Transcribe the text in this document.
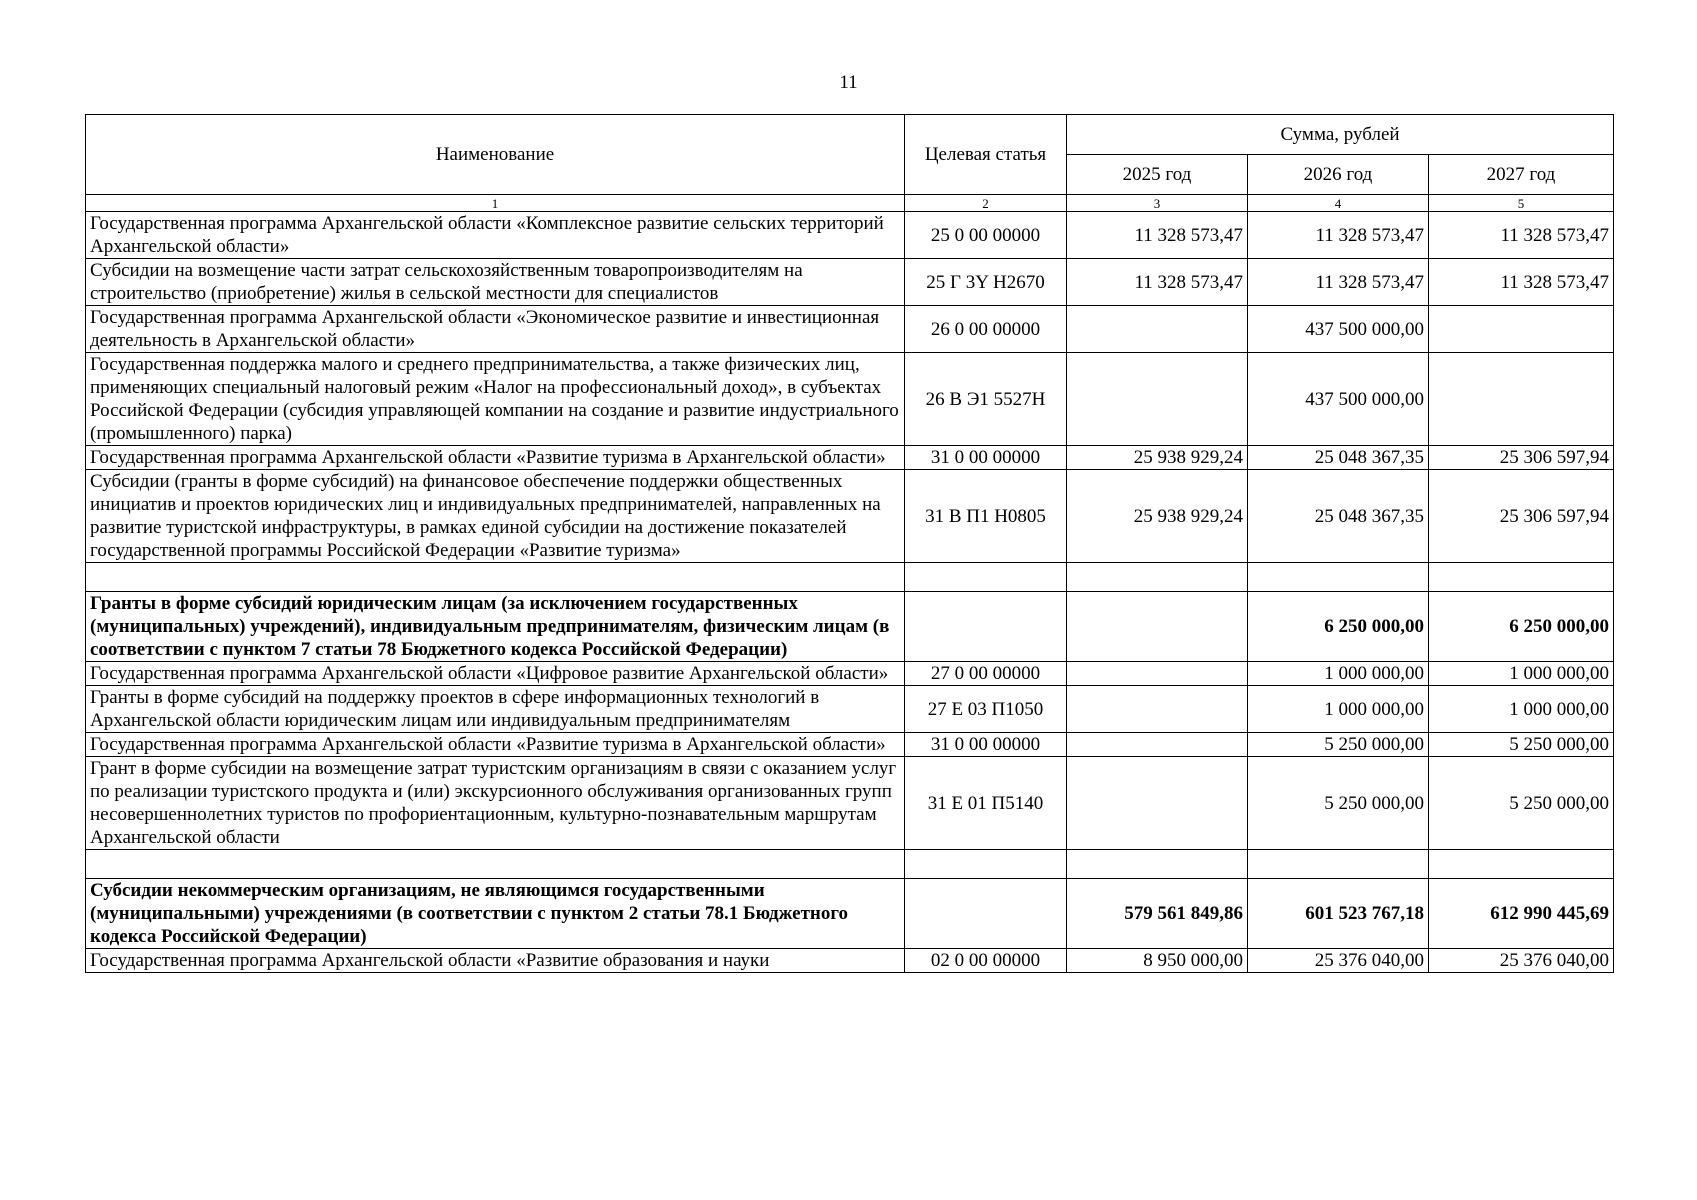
11
Наименование	Целевая статья	Сумма, рублей		
		2025 год	2026 год	2027 год
1	2	3	4	5
Государственная программа Архангельской области «Комплексное развитие сельских территорий Архангельской области»	25 0 00 00000	11 328 573,47	11 328 573,47	11 328 573,47
Субсидии на возмещение части затрат сельскохозяйственным товаропроизводителям на строительство (приобретение) жилья в сельской местности для специалистов	25 Г 3Y Н2670	11 328 573,47	11 328 573,47	11 328 573,47
Государственная программа Архангельской области «Экономическое развитие и инвестиционная деятельность в Архангельской области»	26 0 00 00000		437 500 000,00	
Государственная поддержка малого и среднего предпринимательства, а также физических лиц, применяющих специальный налоговый режим «Налог на профессиональный доход», в субъектах Российской Федерации (субсидия управляющей компании на создание и развитие индустриального (промышленного) парка)	26 В Э1 5527Н		437 500 000,00	
Государственная программа Архангельской области «Развитие туризма в Архангельской области»	31 0 00 00000	25 938 929,24	25 048 367,35	25 306 597,94
Субсидии (гранты в форме субсидий) на финансовое обеспечение поддержки общественных инициатив и проектов юридических лиц и индивидуальных предпринимателей, направленных на развитие туристской инфраструктуры, в рамках единой субсидии на достижение показателей государственной программы Российской Федерации «Развитие туризма»	31 В П1 Н0805	25 938 929,24	25 048 367,35	25 306 597,94

Гранты в форме субсидий юридическим лицам (за исключением государственных (муниципальных) учреждений), индивидуальным предпринимателям, физическим лицам (в соответствии с пунктом 7 статьи 78 Бюджетного кодекса Российской Федерации)			6 250 000,00	6 250 000,00
Государственная программа Архангельской области «Цифровое развитие Архангельской области»	27 0 00 00000		1 000 000,00	1 000 000,00
Гранты в форме субсидий на поддержку проектов в сфере информационных технологий в Архангельской области юридическим лицам или индивидуальным предпринимателям	27 Е 03 П1050		1 000 000,00	1 000 000,00
Государственная программа Архангельской области «Развитие туризма в Архангельской области»	31 0 00 00000		5 250 000,00	5 250 000,00
Грант в форме субсидии на возмещение затрат туристским организациям в связи с оказанием услуг по реализации туристского продукта и (или) экскурсионного обслуживания организованных групп несовершеннолетних туристов по профориентационным, культурно-познавательным маршрутам Архангельской области	31 Е 01 П5140		5 250 000,00	5 250 000,00

Субсидии некоммерческим организациям, не являющимся государственными (муниципальными) учреждениями (в соответствии с пунктом 2 статьи 78.1 Бюджетного кодекса Российской Федерации)		579 561 849,86	601 523 767,18	612 990 445,69
Государственная программа Архангельской области «Развитие образования и науки	02 0 00 00000	8 950 000,00	25 376 040,00	25 376 040,00
